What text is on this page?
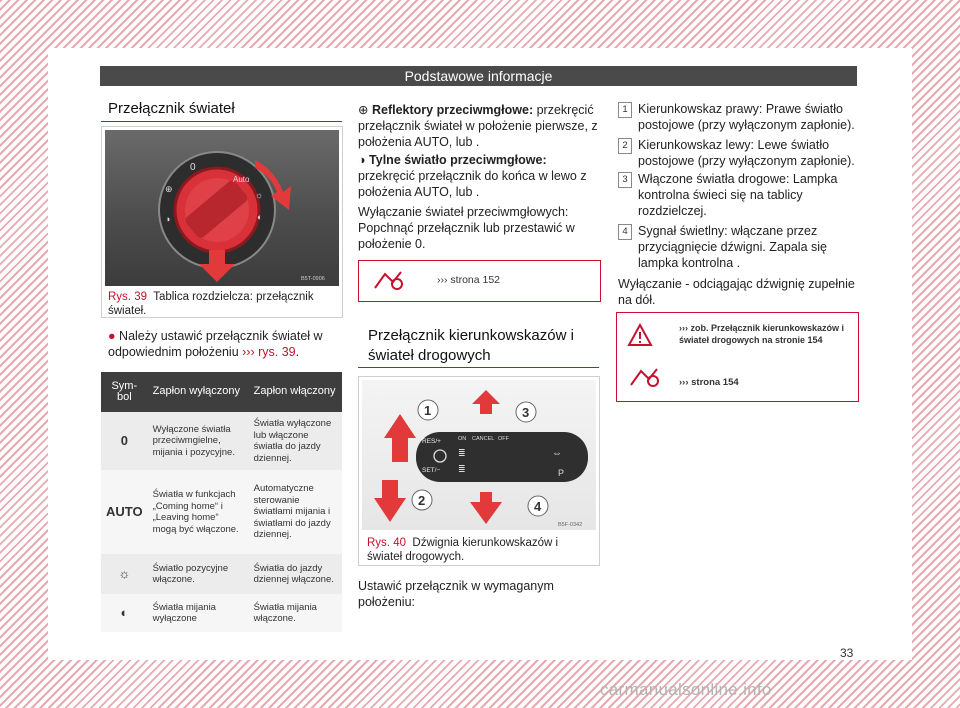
Podstawowe informacje
Przełącznik świateł
0
Auto
⊕
◑
☼
◐
B5T-0906
Rys. 39 Tablica rozdzielcza: przełącznik świateł.
● Należy ustawić przełącznik świateł w odpowiednim położeniu ››› rys. 39.
Symbol	Zapłon wyłączony	Zapłon włączony
0	Wyłączone światła przeciwmgielne, mijania i pozycyjne.	Światła wyłączone lub włączone światła do jazdy dziennej.
AUTO	Światła w funkcjach „Coming home“ i „Leaving home“ mogą być włączone.	Automatyczne sterowanie światłami mijania i światłami do jazdy dziennej.
☼	Światło pozycyjne włączone.	Światła do jazdy dziennej włączone.
◐	Światła mijania wyłączone	Światła mijania włączone.
⊕ Reflektory przeciwmgłowe: przekręcić przełącznik świateł w położenie pierwsze, z położenia AUTO, lub .
◑ Tylne światło przeciwmgłowe: przekręcić przełącznik do końca w lewo z położenia AUTO, lub .
Wyłączanie świateł przeciwmgłowych: Popchnąć przełącznik lub przestawić w położenie 0.
››› strona 152
Przełącznik kierunkowskazów i świateł drogowych
RES/+
SET/−
ON CANCEL OFF
≣
≣
⇔
P
1
2
3
4
B5F-0342
Rys. 40 Dźwignia kierunkowskazów i świateł drogowych.
Ustawić przełącznik w wymaganym położeniu:
1 Kierunkowskaz prawy: Prawe światło postojowe (przy wyłączonym zapłonie).
2 Kierunkowskaz lewy: Lewe światło postojowe (przy wyłączonym zapłonie).
3 Włączone światła drogowe: Lampka kontrolna świeci się na tablicy rozdzielczej.
4 Sygnał świetlny: włączane przez przyciągnięcie dźwigni. Zapala się lampka kontrolna .
Wyłączanie - odciągając dźwignię zupełnie na dół.
››› zob. Przełącznik kierunkowskazów i świateł drogowych na stronie 154
››› strona 154
33
carmanualsonline.info
